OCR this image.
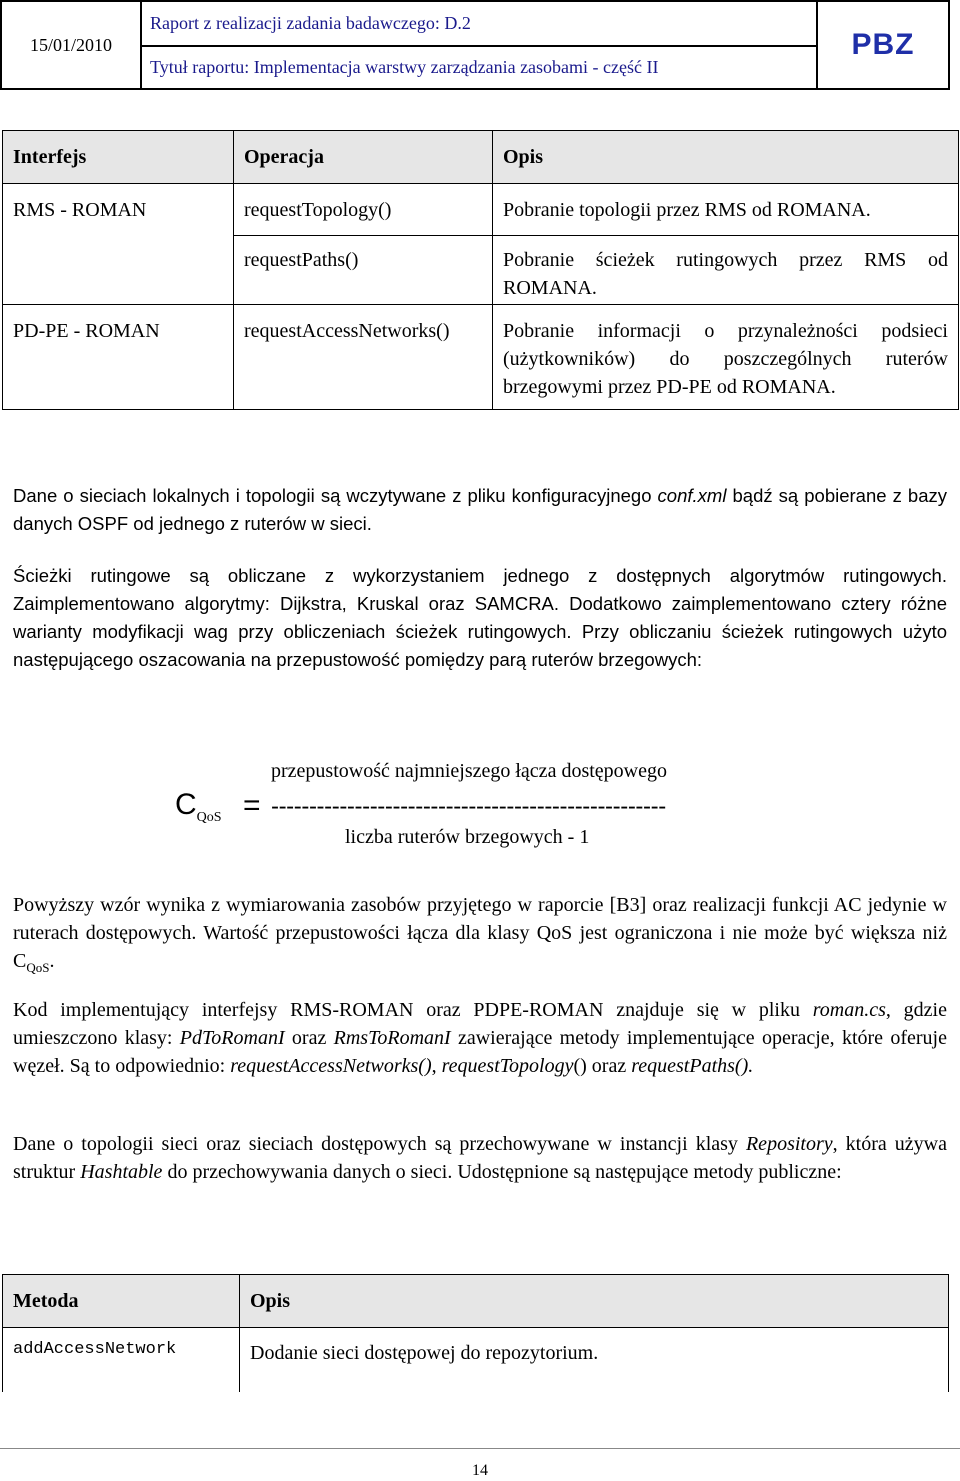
15/01/2010
Raport z realizacji zadania badawczego: D.2
Tytuł raportu: Implementacja warstwy zarządzania zasobami - część II
PBZ
Interfejs	Operacja	Opis
RMS - ROMAN	requestTopology()	Pobranie topologii przez RMS od ROMANA.
	requestPaths()	Pobranie ścieżek rutingowych przez RMS od
ROMANA.

PD-PE - ROMAN	requestAccessNetworks()	Pobranie informacji o przynależności podsieci
(użytkowników) do poszczególnych ruterów
brzegowymi przez PD-PE od ROMANA.

Dane o sieciach lokalnych i topologii są wczytywane z pliku konfiguracyjnego conf.xml bądź są pobierane z bazy danych OSPF od jednego z ruterów w sieci.

Ścieżki rutingowe są obliczane z wykorzystaniem jednego z dostępnych algorytmów rutingowych. Zaimplementowano algorytmy: Dijkstra, Kruskal oraz SAMCRA. Dodatkowo zaimplementowano cztery różne warianty modyfikacji wag przy obliczeniach ścieżek rutingowych. Przy obliczaniu ścieżek rutingowych użyto następującego oszacowania na przepustowość pomiędzy parą ruterów brzegowych:

przepustowość najmniejszego łącza dostępowego
$C_{QoS}$ = ----------------------------------------------------
liczba ruterów brzegowych - 1

Powyższy wzór wynika z wymiarowania zasobów przyjętego w raporcie [B3] oraz realizacji funkcji AC jedynie w ruterach dostępowych. Wartość przepustowości łącza dla klasy QoS jest ograniczona i nie może być większa niż $C_{QoS}$.

Kod implementujący interfejsy RMS-ROMAN oraz PDPE-ROMAN znajduje się w pliku roman.cs, gdzie umieszczono klasy: PdToRomanI oraz RmsToRomanI zawierające metody implementujące operacje, które oferuje węzeł. Są to odpowiednio: requestAccessNetworks(), requestTopology() oraz requestPaths().

Dane o topologii sieci oraz sieciach dostępowych są przechowywane w instancji klasy Repository, która używa struktur Hashtable do przechowywania danych o sieci. Udostępnione są następujące metody publiczne:

Metoda	Opis
addAccessNetwork	Dodanie sieci dostępowej do repozytorium.
14
